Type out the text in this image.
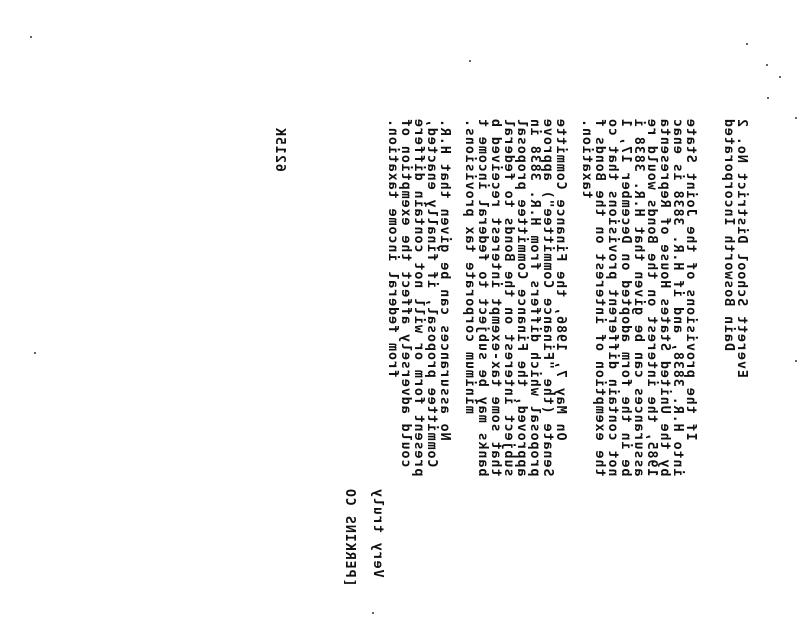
Everett School District No. 2
Dain Bosworth Incorporated
If the provisions of the Joint State
into H.R. 3838, and if H.R. 3838 is enac
by the United States House of Representa
1985, the interest on the Bonds would re
assurances can be given that H.R. 3838 i
be in the form adopted on December 17, 1
not contain different provisions that co
the exemption of interest on the Bonds f
taxation.
On May 7, 1986, the Finance Committe
Senate (the "Finance Committee") approve
proposal which differs from H.R. 3838 in
approved, the Finance Committee proposal
subject interest on the Bonds to federal
that some tax-exempt interest received b
banks may be subject to federal income t
minimum corporate tax provisions.
No assurances can be given that H.R.
Committee proposal, if finally enacted,
present form or will not contain differe
could adversely affect the exemption of
from federal income taxation.
Very truly
[PERKINS CO
6215K
